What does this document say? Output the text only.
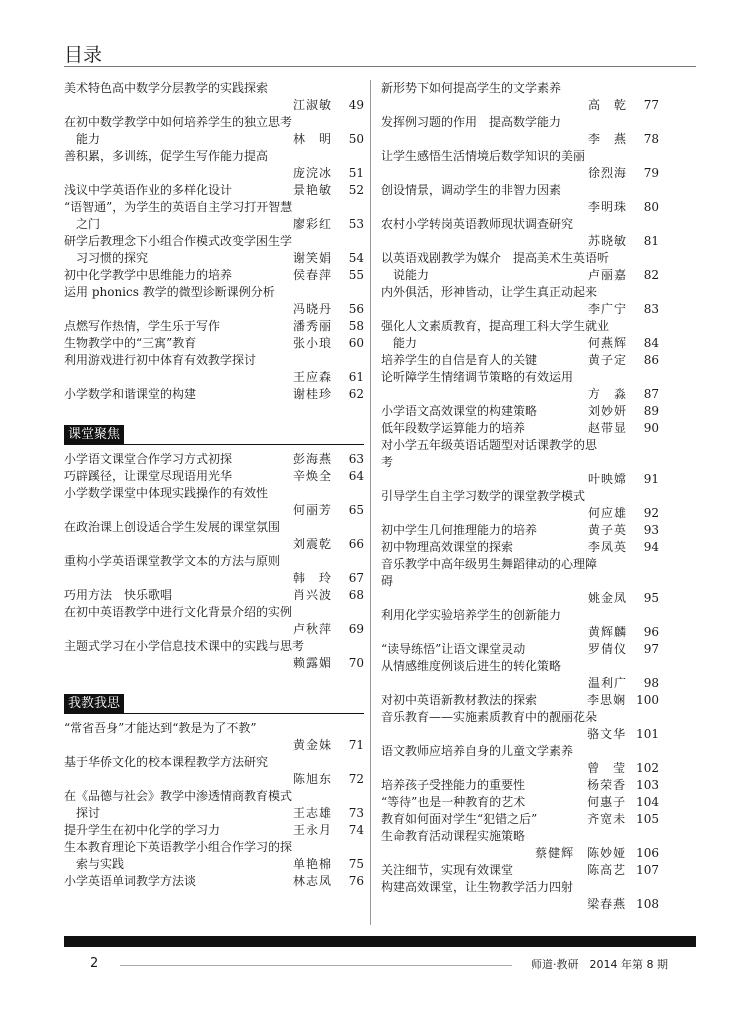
目录
美术特色高中数学分层教学的实践探索
江淑敏 49
在初中数学教学中如何培养学生的独立思考
能力	林　明 50
善积累，多训练，促学生写作能力提高
庞浣冰 51
浅议中学英语作业的多样化设计	景艳敏 52
“语智通”，为学生的英语自主学习打开智慧
之门	廖彩红 53
研学后教理念下小组合作模式改变学困生学
习习惯的探究	谢笑娟 54
初中化学教学中思维能力的培养	侯春萍 55
运用 phonics 教学的微型诊断课例分析
冯晓丹 56
点燃写作热情，学生乐于写作	潘秀丽 58
生物教学中的“三寓”教育	张小琅 60
利用游戏进行初中体育有效教学探讨
王应森 61
小学数学和谐课堂的构建	谢桂珍 62
课堂聚焦
小学语文课堂合作学习方式初探	彭海燕 63
巧辟蹊径，让课堂尽现语用光华	辛焕全 64
小学数学课堂中体现实践操作的有效性
何丽芳 65
在政治课上创设适合学生发展的课堂氛围
刘震乾 66
重构小学英语课堂教学文本的方法与原则
韩　玲 67
巧用方法　快乐歌唱	肖兴波 68
在初中英语教学中进行文化背景介绍的实例
卢秋萍 69
主题式学习在小学信息技术课中的实践与思考
赖露媚 70
我教我思
“常省吾身”才能达到“教是为了不教”
黄金妹 71
基于华侨文化的校本课程教学方法研究
陈旭东 72
在《品德与社会》教学中渗透情商教育模式
探讨	王志雄 73
提升学生在初中化学的学习力	王永月 74
生本教育理论下英语教学小组合作学习的探
索与实践	单艳棉 75
小学英语单词教学方法谈	林志凤 76
新形势下如何提高学生的文学素养
高　乾 77
发挥例习题的作用　提高数学能力
李　燕 78
让学生感悟生活情境后数学知识的美丽
徐烈海 79
创设情景，调动学生的非智力因素
李明珠 80
农村小学转岗英语教师现状调查研究
苏晓敏 81
以英语戏剧教学为媒介　提高美术生英语听
说能力	卢丽嘉 82
内外俱活，形神皆动，让学生真正动起来
李广宁 83
强化人文素质教育，提高理工科大学生就业
能力	何燕辉 84
培养学生的自信是育人的关键	黄子定 86
论听障学生情绪调节策略的有效运用
方　淼 87
小学语文高效课堂的构建策略	刘妙妍 89
低年段数学运算能力的培养	赵带显 90
对小学五年级英语话题型对话课教学的思考
叶映嫦 91
引导学生自主学习数学的课堂教学模式
何应雄 92
初中学生几何推理能力的培养	黄子英 93
初中物理高效课堂的探索	李凤英 94
音乐教学中高年级男生舞蹈律动的心理障碍
姚金凤 95
利用化学实验培养学生的创新能力
黄辉麟 96
“读导练悟”让语文课堂灵动	罗倩仪 97
从情感维度例谈后进生的转化策略
温利广 98
对初中英语新教材教法的探索	李思娴 100
音乐教育——实施素质教育中的靓丽花朵
骆文华 101
语文教师应培养自身的儿童文学素养
曾　莹 102
培养孩子受挫能力的重要性	杨荣香 103
“等待”也是一种教育的艺术	何惠子 104
教育如何面对学生“犯错之后”	齐宽未 105
生命教育活动课程实施策略
蔡健辉　陈妙娅 106
关注细节，实现有效课堂	陈高艺 107
构建高效课堂，让生物教学活力四射
梁春燕 108
2	师道·教研　2014 年第 8 期
